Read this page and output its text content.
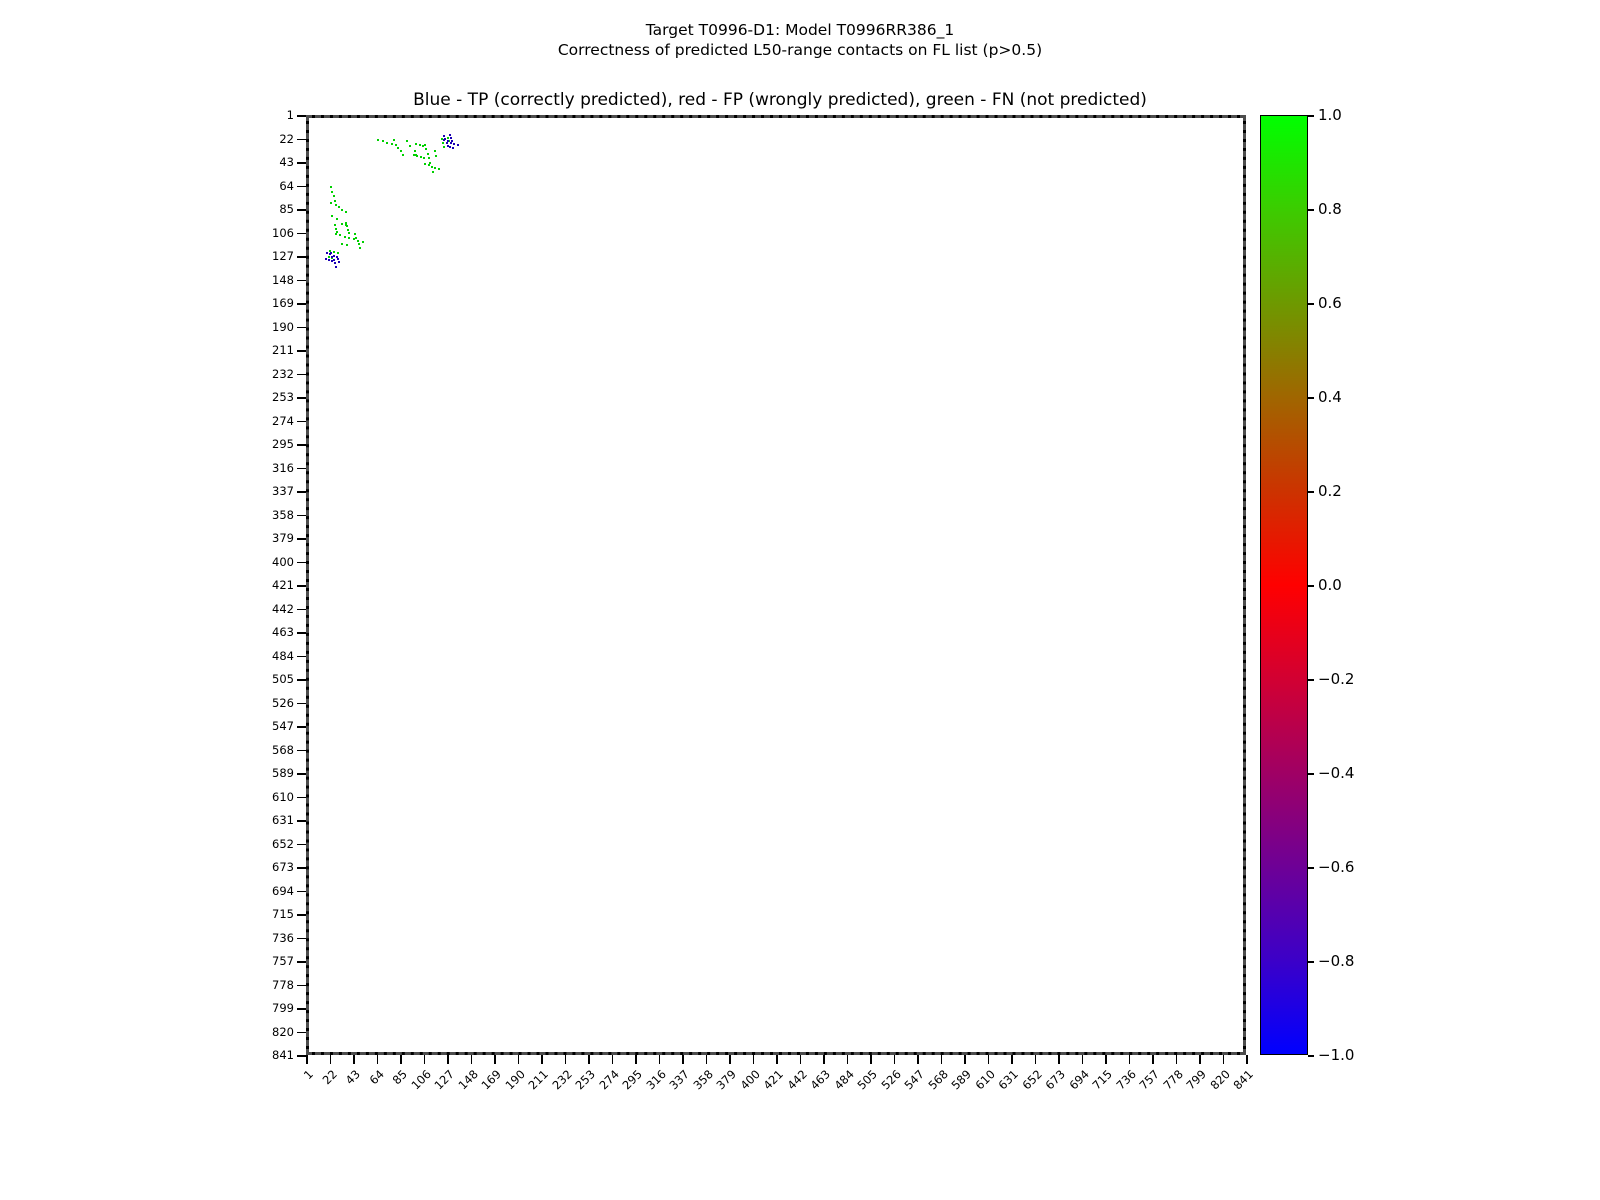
Target T0996-D1: Model T0996RR386_1
Correctness of predicted L50-range contacts on FL list (p>0.5)
Blue - TP (correctly predicted), red - FP (wrongly predicted), green - FN (not predicted)
1
22
43
64
85
106
127
148
169
190
211
232
253
274
295
316
337
358
379
400
421
442
463
484
505
526
547
568
589
610
631
652
673
694
715
736
757
778
799
820
841
1 22 43 64 85
106
127
148
169
190
211
232
253
274
295
316
337
358
379
400
421
442
463
484
505
526
547
568
589
610
631
652
673
694
715
736
757
778
799
820
841
1.0
0.8
0.6
0.4
0.2
0.0
−0.2
−0.4
−0.6
−0.8
−1.0
